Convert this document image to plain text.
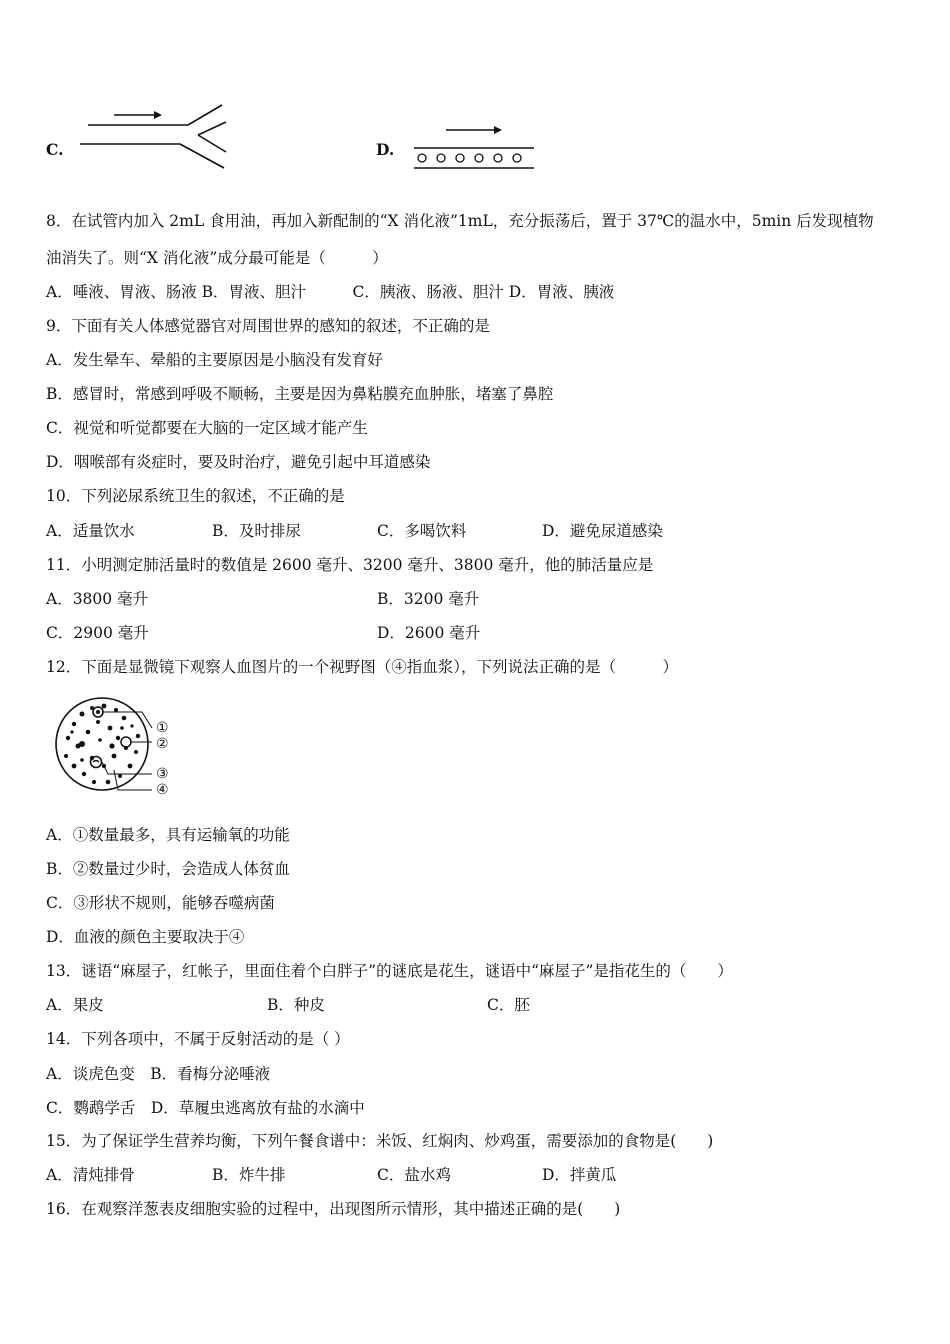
C.	D.
8．在试管内加入 2mL 食用油，再加入新配制的“X 消化液”1mL，充分振荡后，置于 37℃的温水中，5min 后发现植物
油消失了。则“X 消化液”成分最可能是（　　　）
A．唾液、胃液、肠液 B．胃液、胆汁　　　C．胰液、肠液、胆汁 D．胃液、胰液
9．下面有关人体感觉器官对周围世界的感知的叙述，不正确的是
A．发生晕车、晕船的主要原因是小脑没有发育好
B．感冒时，常感到呼吸不顺畅，主要是因为鼻粘膜充血肿胀，堵塞了鼻腔
C．视觉和听觉都要在大脑的一定区域才能产生
D．咽喉部有炎症时，要及时治疗，避免引起中耳道感染
10．下列泌尿系统卫生的叙述，不正确的是
A．适量饮水	B．及时排尿	C．多喝饮料	D．避免尿道感染
11．小明测定肺活量时的数值是 2600 毫升、3200 毫升、3800 毫升，他的肺活量应是
A．3800 毫升	B．3200 毫升
C．2900 毫升	D．2600 毫升
12．下面是显微镜下观察人血图片的一个视野图（④指血浆），下列说法正确的是（　　　）
①
②
③
④
A．①数量最多，具有运输氧的功能
B．②数量过少时，会造成人体贫血
C．③形状不规则，能够吞噬病菌
D．血液的颜色主要取决于④
13．谜语“麻屋子，红帐子，里面住着个白胖子”的谜底是花生，谜语中“麻屋子”是指花生的（　　）
A．果皮	B．种皮	C．胚
14．下列各项中，不属于反射活动的是（ ）
A．谈虎色变　B．看梅分泌唾液
C．鹦鹉学舌　D．草履虫逃离放有盐的水滴中
15．为了保证学生营养均衡，下列午餐食谱中：米饭、红焖肉、炒鸡蛋，需要添加的食物是(　　)
A．清炖排骨	B．炸牛排	C．盐水鸡	D．拌黄瓜
16．在观察洋葱表皮细胞实验的过程中，出现图所示情形，其中描述正确的是(　　)
